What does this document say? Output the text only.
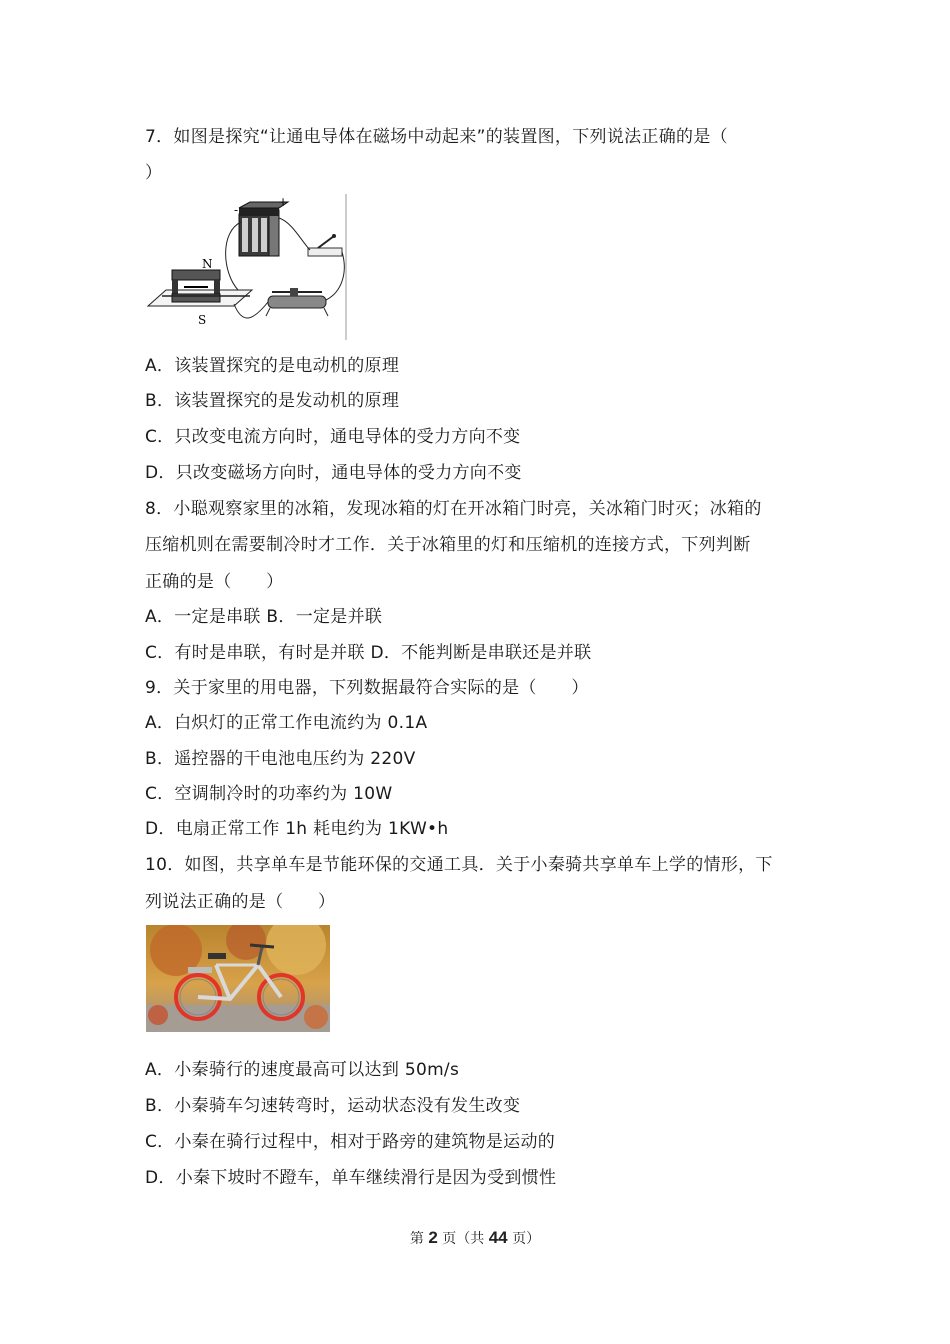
7．如图是探究“让通电导体在磁场中动起来”的装置图，下列说法正确的是（
）
-
+
N
S
A．该装置探究的是电动机的原理
B．该装置探究的是发动机的原理
C．只改变电流方向时，通电导体的受力方向不变
D．只改变磁场方向时，通电导体的受力方向不变
8．小聪观察家里的冰箱，发现冰箱的灯在开冰箱门时亮，关冰箱门时灭；冰箱的
压缩机则在需要制冷时才工作．关于冰箱里的灯和压缩机的连接方式，下列判断
正确的是（　　）
A．一定是串联 B．一定是并联
C．有时是串联，有时是并联 D．不能判断是串联还是并联
9．关于家里的用电器，下列数据最符合实际的是（　　）
A．白炽灯的正常工作电流约为 0.1A
B．遥控器的干电池电压约为 220V
C．空调制冷时的功率约为 10W
D．电扇正常工作 1h 耗电约为 1KW•h
10．如图，共享单车是节能环保的交通工具．关于小秦骑共享单车上学的情形，下
列说法正确的是（　　）
A．小秦骑行的速度最高可以达到 50m/s
B．小秦骑车匀速转弯时，运动状态没有发生改变
C．小秦在骑行过程中，相对于路旁的建筑物是运动的
D．小秦下坡时不蹬车，单车继续滑行是因为受到惯性
第 2 页（共 44 页）
